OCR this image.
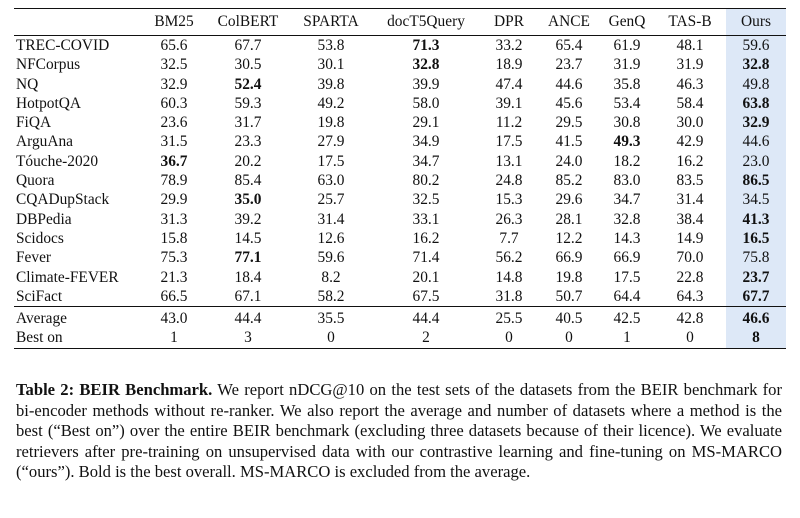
	BM25	ColBERT	SPARTA	docT5Query	DPR	ANCE	GenQ	TAS-B	Ours
TREC-COVID	65.6	67.7	53.8	71.3	33.2	65.4	61.9	48.1	59.6
NFCorpus	32.5	30.5	30.1	32.8	18.9	23.7	31.9	31.9	32.8
NQ	32.9	52.4	39.8	39.9	47.4	44.6	35.8	46.3	49.8
HotpotQA	60.3	59.3	49.2	58.0	39.1	45.6	53.4	58.4	63.8
FiQA	23.6	31.7	19.8	29.1	11.2	29.5	30.8	30.0	32.9
ArguAna	31.5	23.3	27.9	34.9	17.5	41.5	49.3	42.9	44.6
Tóuche-2020	36.7	20.2	17.5	34.7	13.1	24.0	18.2	16.2	23.0
Quora	78.9	85.4	63.0	80.2	24.8	85.2	83.0	83.5	86.5
CQADupStack	29.9	35.0	25.7	32.5	15.3	29.6	34.7	31.4	34.5
DBPedia	31.3	39.2	31.4	33.1	26.3	28.1	32.8	38.4	41.3
Scidocs	15.8	14.5	12.6	16.2	7.7	12.2	14.3	14.9	16.5
Fever	75.3	77.1	59.6	71.4	56.2	66.9	66.9	70.0	75.8
Climate-FEVER	21.3	18.4	8.2	20.1	14.8	19.8	17.5	22.8	23.7
SciFact	66.5	67.1	58.2	67.5	31.8	50.7	64.4	64.3	67.7
Average	43.0	44.4	35.5	44.4	25.5	40.5	42.5	42.8	46.6
Best on	1	3	0	2	0	0	1	0	8
Table 2: BEIR Benchmark. We report nDCG@10 on the test sets of the datasets from the BEIR benchmark for bi-encoder methods without re-ranker. We also report the average and number of datasets where a method is the best (“Best on”) over the entire BEIR benchmark (excluding three datasets because of their licence). We evaluate retrievers after pre-training on unsupervised data with our contrastive learning and fine-tuning on MS-MARCO (“ours”). Bold is the best overall. MS-MARCO is excluded from the average.
